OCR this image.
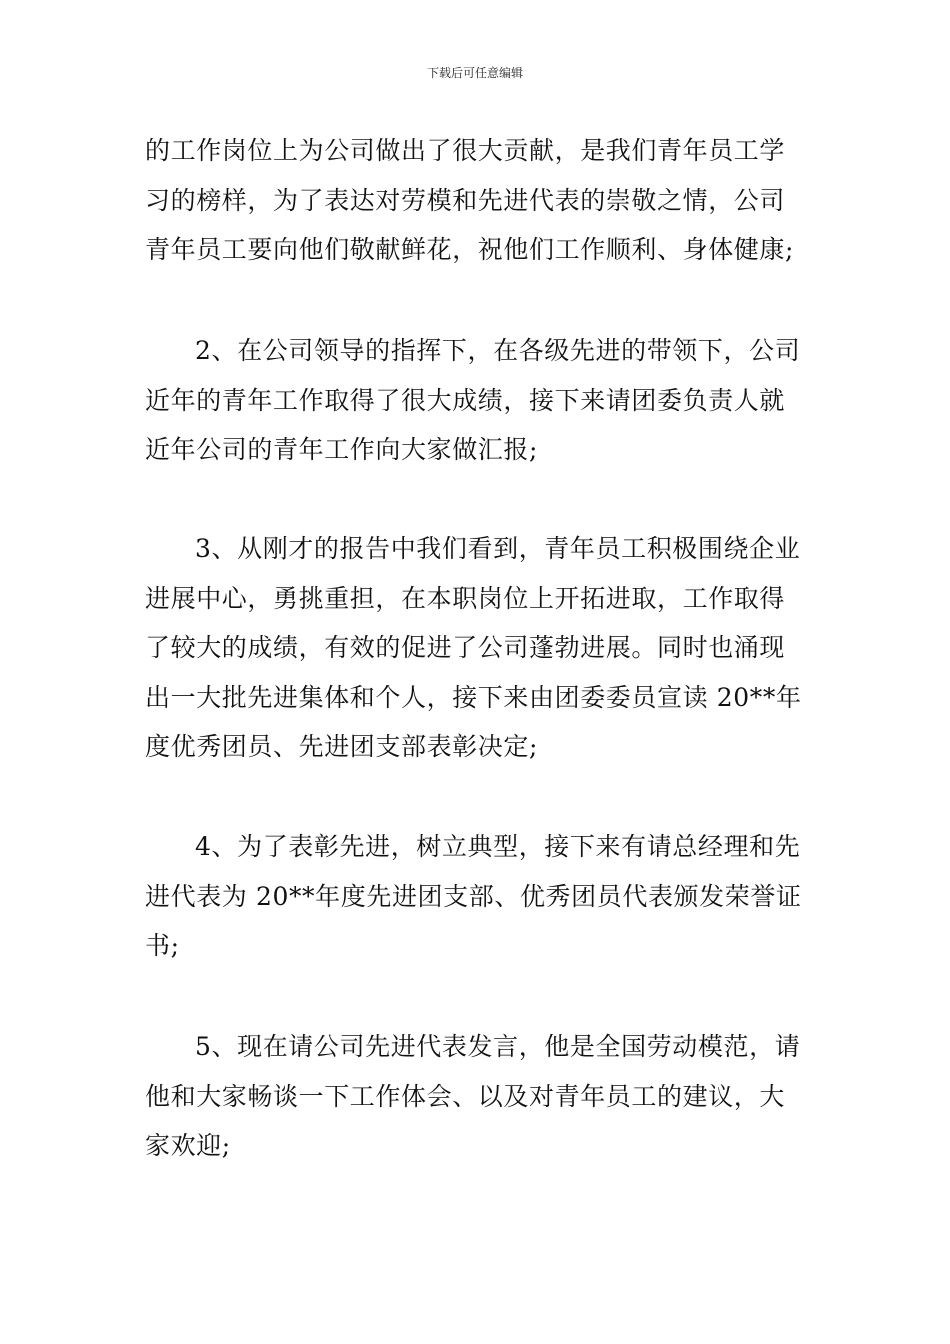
下载后可任意编辑
的工作岗位上为公司做出了很大贡献，是我们青年员工学
习的榜样，为了表达对劳模和先进代表的崇敬之情，公司
青年员工要向他们敬献鲜花，祝他们工作顺利、身体健康;
2、在公司领导的指挥下，在各级先进的带领下，公司
近年的青年工作取得了很大成绩，接下来请团委负责人就
近年公司的青年工作向大家做汇报;
3、从刚才的报告中我们看到，青年员工积极围绕企业
进展中心，勇挑重担，在本职岗位上开拓进取，工作取得
了较大的成绩，有效的促进了公司蓬勃进展。同时也涌现
出一大批先进集体和个人，接下来由团委委员宣读 20**年
度优秀团员、先进团支部表彰决定;
4、为了表彰先进，树立典型，接下来有请总经理和先
进代表为 20**年度先进团支部、优秀团员代表颁发荣誉证
书;
5、现在请公司先进代表发言，他是全国劳动模范，请
他和大家畅谈一下工作体会、以及对青年员工的建议，大
家欢迎;
